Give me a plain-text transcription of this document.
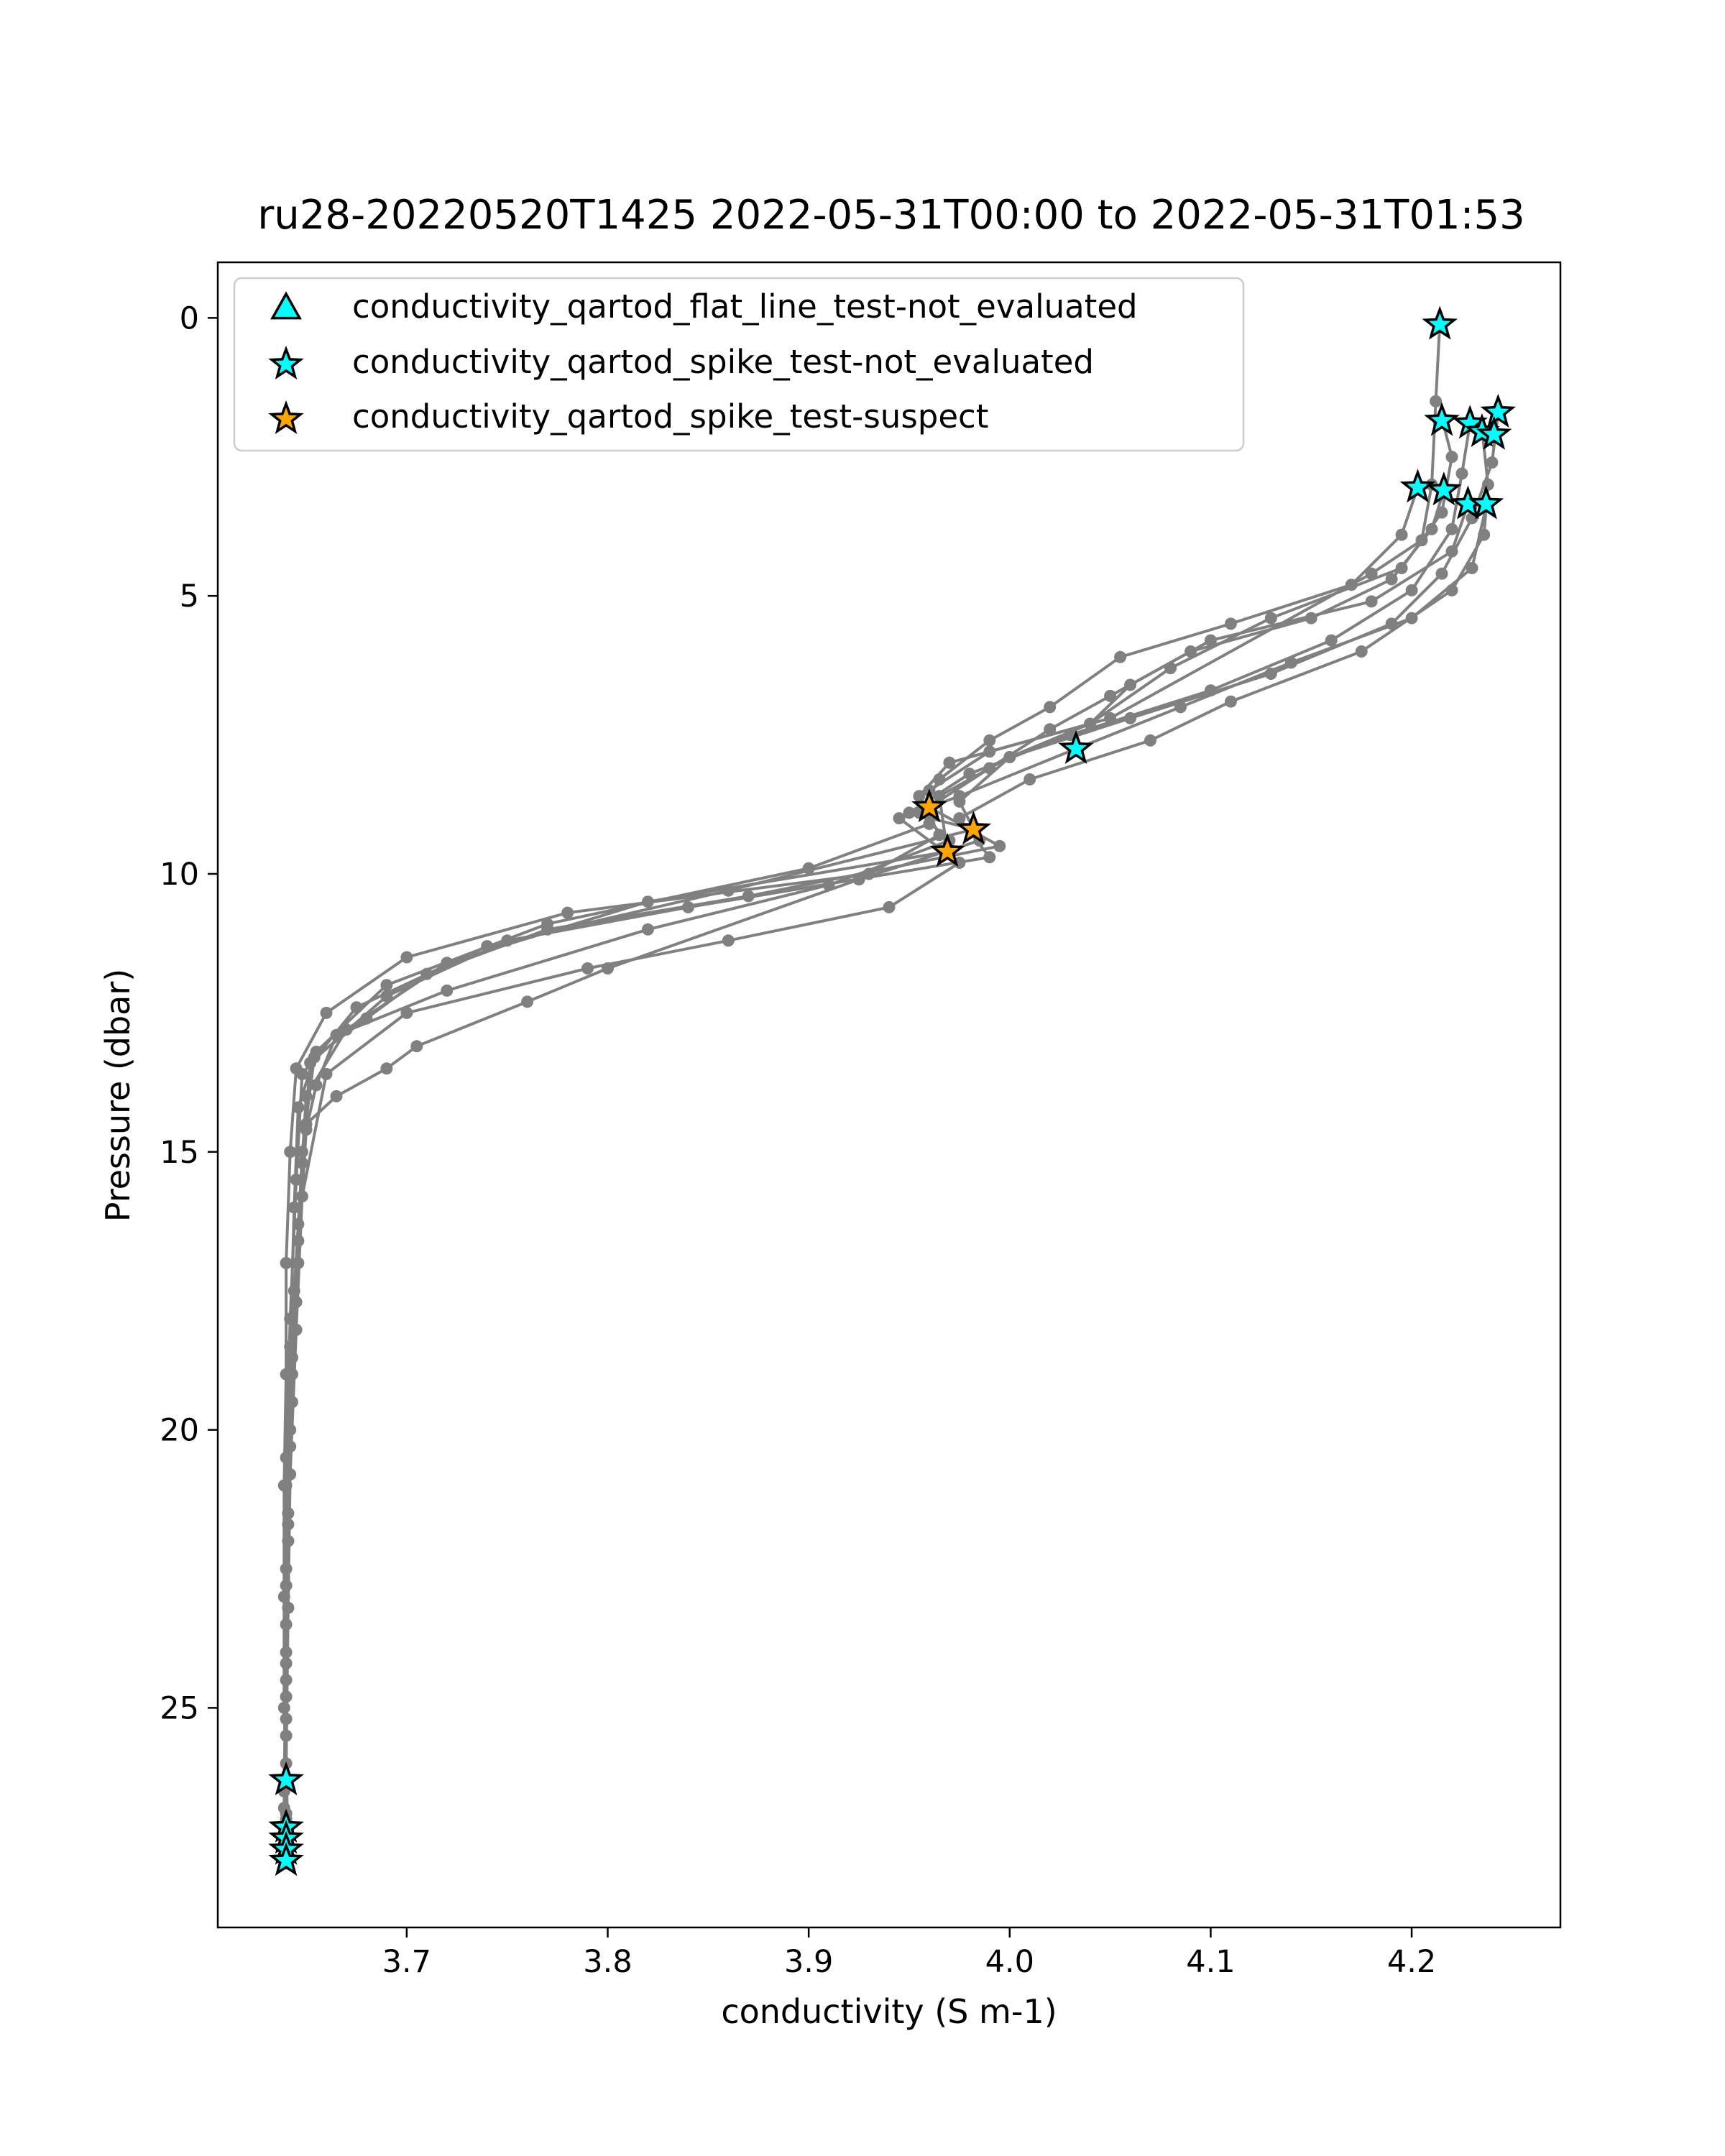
ru28-20220520T1425 2022-05-31T00:00 to 2022-05-31T01:53
3.7	3.8	3.9	4.0	4.1	4.2
0
5
10
15
20
25
conductivity (S m-1)
Pressure (dbar)
conductivity_qartod_flat_line_test-not_evaluated
conductivity_qartod_spike_test-not_evaluated
conductivity_qartod_spike_test-suspect
